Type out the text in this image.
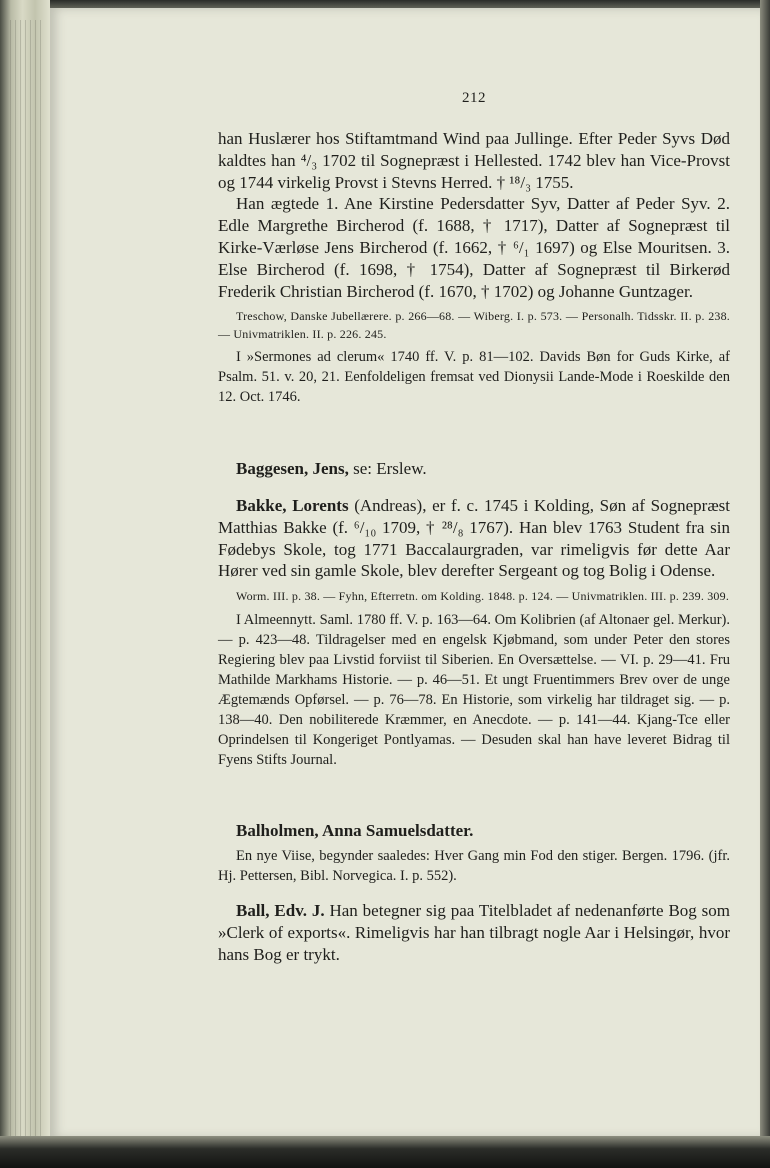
212

han Huslærer hos Stiftamtmand Wind paa Jullinge. Efter Peder Syvs Død kaldtes han ⁴/₃ 1702 til Sognepræst i Hellested. 1742 blev han Vice-Provst og 1744 virkelig Provst i Stevns Herred. † ¹⁸/₃ 1755.

Han ægtede 1. Ane Kirstine Pedersdatter Syv, Datter af Peder Syv. 2. Edle Margrethe Bircherod (f. 1688, † 1717), Datter af Sognepræst til Kirke-Værløse Jens Bircherod (f. 1662, † ⁶/₁ 1697) og Else Mouritsen. 3. Else Bircherod (f. 1698, † 1754), Datter af Sognepræst til Birkerød Frederik Christian Bircherod (f. 1670, † 1702) og Johanne Guntzager.

Treschow, Danske Jubellærere. p. 266—68. — Wiberg. I. p. 573. — Personalh. Tidsskr. II. p. 238. — Univmatriklen. II. p. 226. 245.

I »Sermones ad clerum« 1740 ff. V. p. 81—102. Davids Bøn for Guds Kirke, af Psalm. 51. v. 20, 21. Eenfoldeligen fremsat ved Dionysii Lande-Mode i Roeskilde den 12. Oct. 1746.

Baggesen, Jens, se: Erslew.

Bakke, Lorents (Andreas), er f. c. 1745 i Kolding, Søn af Sognepræst Matthias Bakke (f. ⁶/₁₀ 1709, † ²⁸/₈ 1767). Han blev 1763 Student fra sin Fødebys Skole, tog 1771 Baccalaurgraden, var rimeligvis før dette Aar Hører ved sin gamle Skole, blev derefter Sergeant og tog Bolig i Odense.

Worm. III. p. 38. — Fyhn, Efterretn. om Kolding. 1848. p. 124. — Univmatriklen. III. p. 239. 309.

I Almeennytt. Saml. 1780 ff. V. p. 163—64. Om Kolibrien (af Altonaer gel. Merkur). — p. 423—48. Tildragelser med en engelsk Kjøbmand, som under Peter den stores Regiering blev paa Livstid forviist til Siberien. En Oversættelse. — VI. p. 29—41. Fru Mathilde Markhams Historie. — p. 46—51. Et ungt Fruentimmers Brev over de unge Ægtemænds Opførsel. — p. 76—78. En Historie, som virkelig har tildraget sig. — p. 138—40. Den nobiliterede Kræmmer, en Anecdote. — p. 141—44. Kjang-Tce eller Oprindelsen til Kongeriget Pontlyamas. — Desuden skal han have leveret Bidrag til Fyens Stifts Journal.

Balholmen, Anna Samuelsdatter.

En nye Viise, begynder saaledes: Hver Gang min Fod den stiger. Bergen. 1796. (jfr. Hj. Pettersen, Bibl. Norvegica. I. p. 552).

Ball, Edv. J. Han betegner sig paa Titelbladet af nedenanførte Bog som »Clerk of exports«. Rimeligvis har han tilbragt nogle Aar i Helsingør, hvor hans Bog er trykt.
